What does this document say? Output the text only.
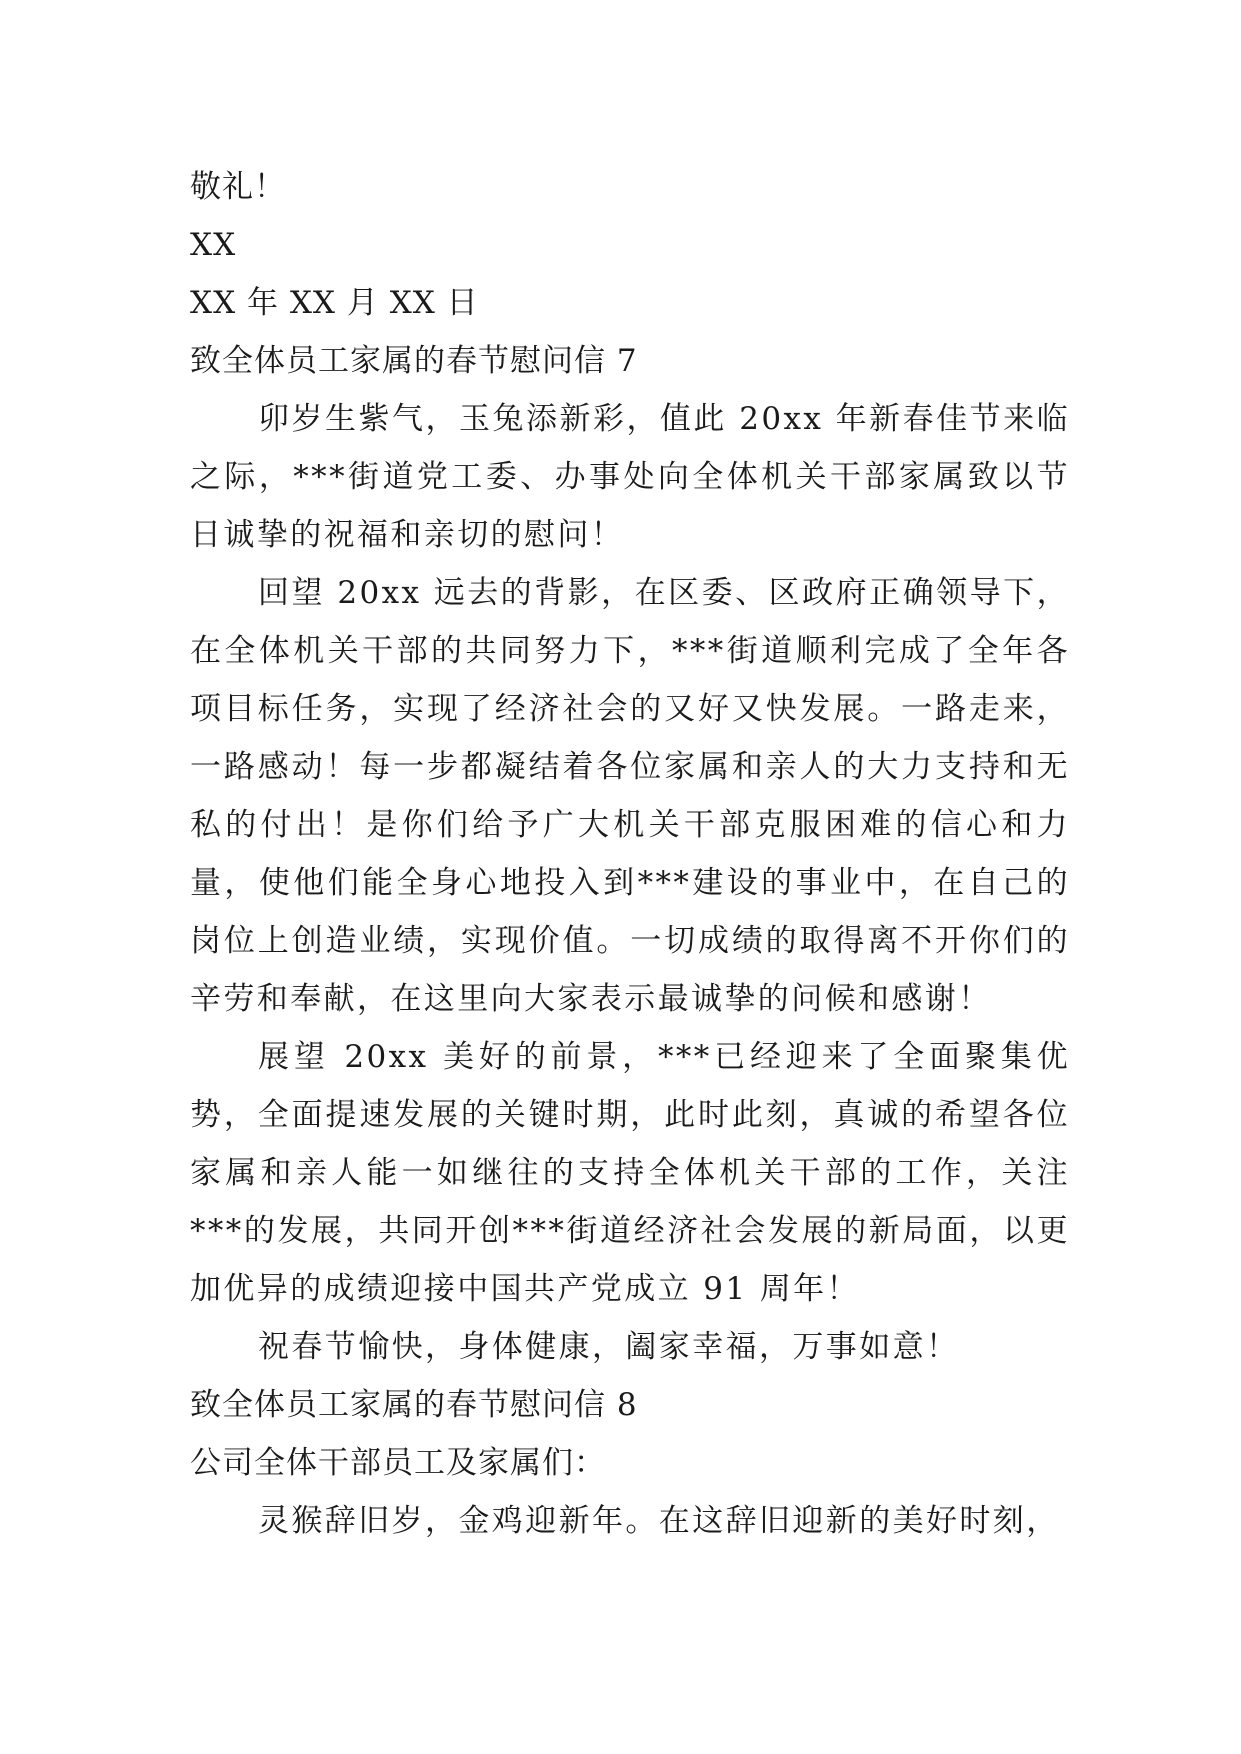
敬礼！

XX

XX 年 XX 月 XX 日

致全体员工家属的春节慰问信 7

卯岁生紫气，玉兔添新彩，值此 20xx 年新春佳节来临之际，***街道党工委、办事处向全体机关干部家属致以节日诚挚的祝福和亲切的慰问！

回望 20xx 远去的背影，在区委、区政府正确领导下，在全体机关干部的共同努力下，***街道顺利完成了全年各项目标任务，实现了经济社会的又好又快发展。一路走来，一路感动！每一步都凝结着各位家属和亲人的大力支持和无私的付出！是你们给予广大机关干部克服困难的信心和力量，使他们能全身心地投入到***建设的事业中，在自己的岗位上创造业绩，实现价值。一切成绩的取得离不开你们的辛劳和奉献，在这里向大家表示最诚挚的问候和感谢！

展望 20xx 美好的前景，***已经迎来了全面聚集优势，全面提速发展的关键时期，此时此刻，真诚的希望各位家属和亲人能一如继往的支持全体机关干部的工作，关注***的发展，共同开创***街道经济社会发展的新局面，以更加优异的成绩迎接中国共产党成立 91 周年！

祝春节愉快，身体健康，阖家幸福，万事如意！

致全体员工家属的春节慰问信 8

公司全体干部员工及家属们：

灵猴辞旧岁，金鸡迎新年。在这辞旧迎新的美好时刻，
